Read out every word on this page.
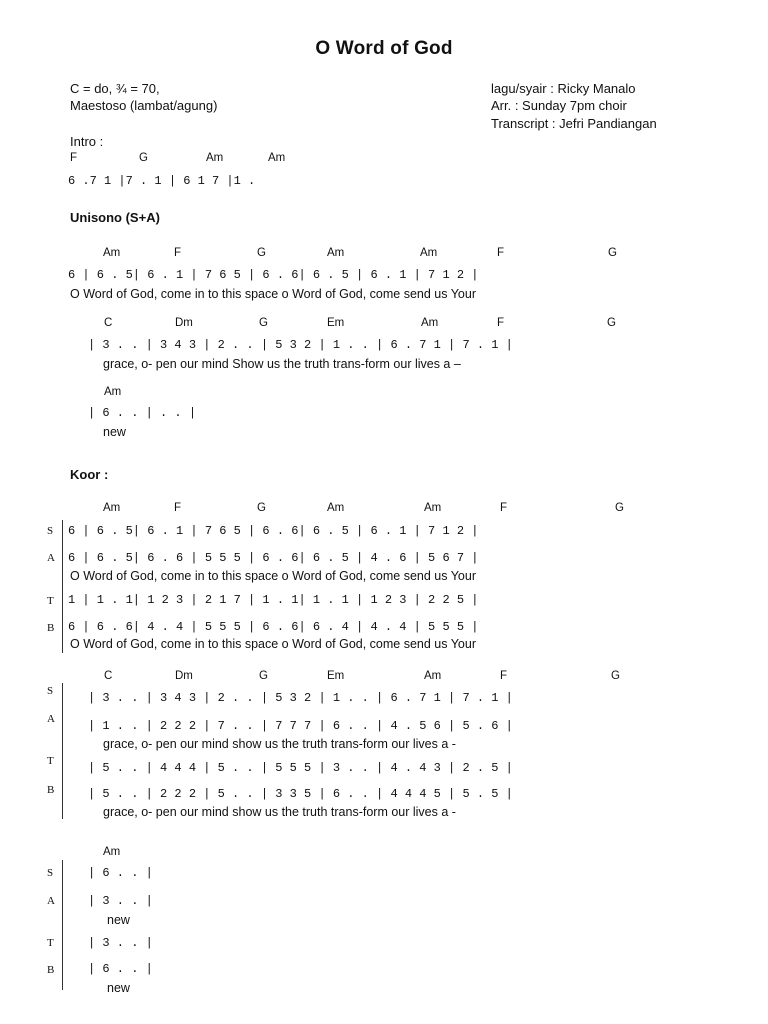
O Word of God
C = do, ¾ = 70,
Maestoso (lambat/agung)
lagu/syair : Ricky Manalo
Arr. : Sunday 7pm choir
Transcript : Jefri Pandiangan
Intro :
F	G	Am	Am
6 .7 1 |7 . 1 | 6 1 7 |1 .
Unisono (S+A)
Am	F	G	Am	Am	F	G
6 | 6 . 5| 6 . 1 | 7 6 5 | 6 . 6| 6 . 5 | 6 . 1 | 7 1 2 |
O Word of God, come in to this space o Word of God, come send us Your
C	Dm	G	Em	Am	F	G
| 3 . . | 3 4 3 | 2 . . | 5 3 2 | 1 . . | 6 . 7 1 | 7 . 1 |
grace, o- pen our mind Show us the truth trans-form our lives a –
Am
| 6 . . | . . |
new
Koor :
Am	F	G	Am	Am	F	G
S 6 | 6 . 5| 6 . 1 | 7 6 5 | 6 . 6| 6 . 5 | 6 . 1 | 7 1 2 |
A 6 | 6 . 5| 6 . 6 | 5 5 5 | 6 . 6| 6 . 5 | 4 . 6 | 5 6 7 |
O Word of God, come in to this space o Word of God, come send us Your
T 1 | 1 . 1| 1 2 3 | 2 1 7 | 1 . 1| 1 . 1 | 1 2 3 | 2 2 5 |
B 6 | 6 . 6| 4 . 4 | 5 5 5 | 6 . 6| 6 . 4 | 4 . 4 | 5 5 5 |
O Word of God, come in to this space o Word of God, come send us Your
C	Dm	G	Em	Am	F	G
S	| 3 . . | 3 4 3 | 2 . . | 5 3 2 | 1 . . | 6 . 7 1 | 7 . 1 |
A	| 1 . . | 2 2 2 | 7 . . | 7 7 7 | 6 . . | 4 . 5 6 | 5 . 6 |
grace, o- pen our mind show us the truth trans-form our lives a -
T	| 5 . . | 4 4 4 | 5 . . | 5 5 5 | 3 . . | 4 . 4 3 | 2 . 5 |
B	| 5 . . | 2 2 2 | 5 . . | 3 3 5 | 6 . . | 4 4 4 5 | 5 . 5 |
grace, o- pen our mind show us the truth trans-form our lives a -
Am
S	| 6 . . |
A	| 3 . . |
new
T	| 3 . . |
B	| 6 . . |
new
